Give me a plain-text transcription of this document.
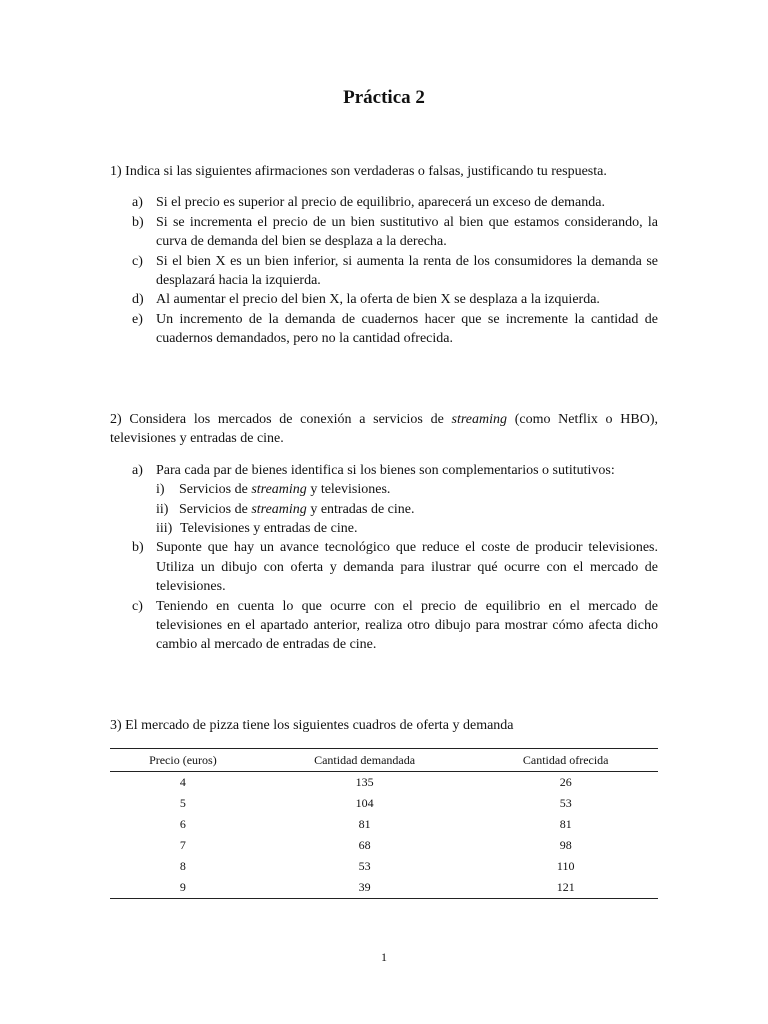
Práctica 2

1) Indica si las siguientes afirmaciones son verdaderas o falsas, justificando tu respuesta.

a) Si el precio es superior al precio de equilibrio, aparecerá un exceso de demanda.
b) Si se incrementa el precio de un bien sustitutivo al bien que estamos considerando, la curva de demanda del bien se desplaza a la derecha.
c) Si el bien X es un bien inferior, si aumenta la renta de los consumidores la demanda se desplazará hacia la izquierda.
d) Al aumentar el precio del bien X, la oferta de bien X se desplaza a la izquierda.
e) Un incremento de la demanda de cuadernos hacer que se incremente la cantidad de cuadernos demandados, pero no la cantidad ofrecida.

2) Considera los mercados de conexión a servicios de streaming (como Netflix o HBO), televisiones y entradas de cine.

a) Para cada par de bienes identifica si los bienes son complementarios o sutitutivos:
i) Servicios de streaming y televisiones.
ii) Servicios de streaming y entradas de cine.
iii) Televisiones y entradas de cine.
b) Suponte que hay un avance tecnológico que reduce el coste de producir televisiones. Utiliza un dibujo con oferta y demanda para ilustrar qué ocurre con el mercado de televisiones.
c) Teniendo en cuenta lo que ocurre con el precio de equilibrio en el mercado de televisiones en el apartado anterior, realiza otro dibujo para mostrar cómo afecta dicho cambio al mercado de entradas de cine.

3) El mercado de pizza tiene los siguientes cuadros de oferta y demanda

Precio (euros)	Cantidad demandada	Cantidad ofrecida
4	135	26
5	104	53
6	81	81
7	68	98
8	53	110
9	39	121
1
